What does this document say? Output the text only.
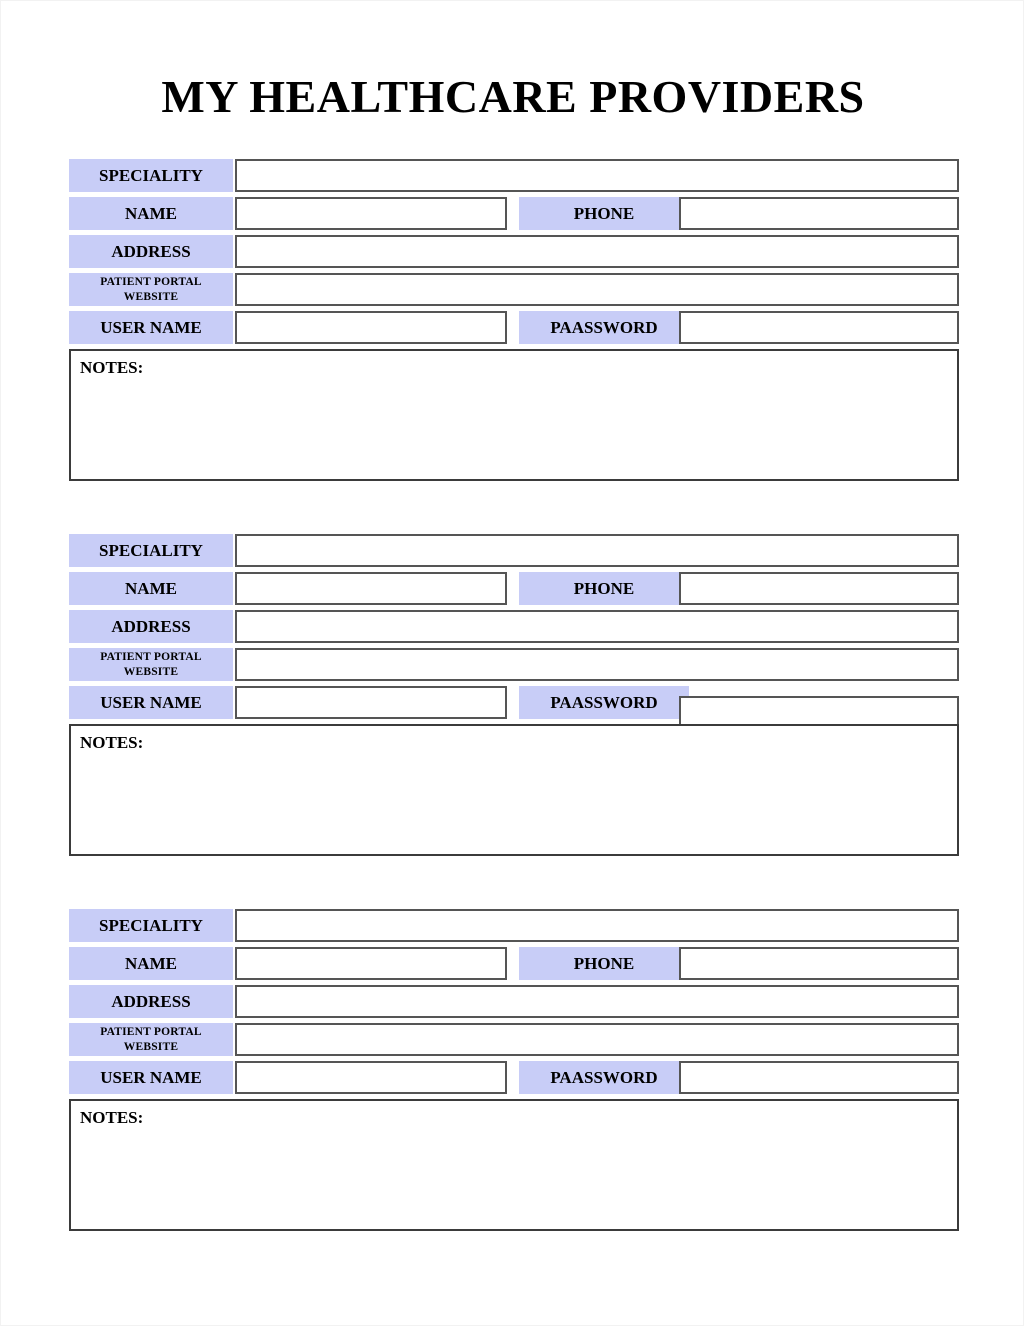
MY HEALTHCARE PROVIDERS
SPECIALITY
NAME	PHONE
ADDRESS
PATIENT PORTAL
WEBSITE
USER NAME	PAASSWORD
NOTES:
SPECIALITY
NAME	PHONE
ADDRESS
PATIENT PORTAL
WEBSITE
USER NAME	PAASSWORD
NOTES:
SPECIALITY
NAME	PHONE
ADDRESS
PATIENT PORTAL
WEBSITE
USER NAME	PAASSWORD
NOTES:
